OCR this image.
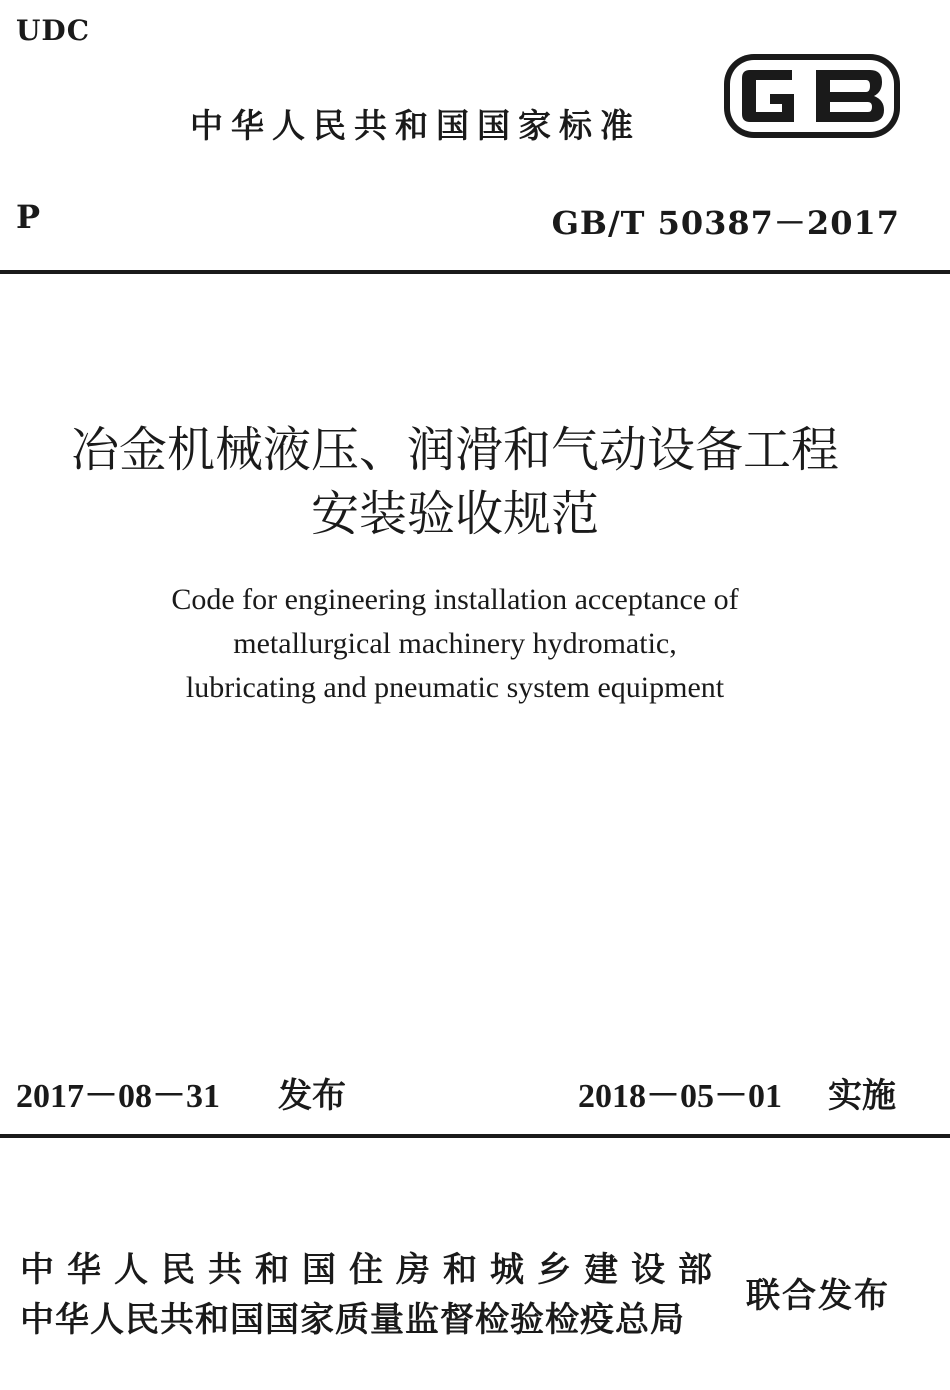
UDC
中华人民共和国国家标准
P	GB/T 50387－2017
冶金机械液压、润滑和气动设备工程
安装验收规范
Code for engineering installation acceptance of
metallurgical machinery hydromatic,
lubricating and pneumatic system equipment
2017－08－31 发布	2018－05－01 实施
中华人民共和国住房和城乡建设部
中华人民共和国国家质量监督检验检疫总局
联合发布
